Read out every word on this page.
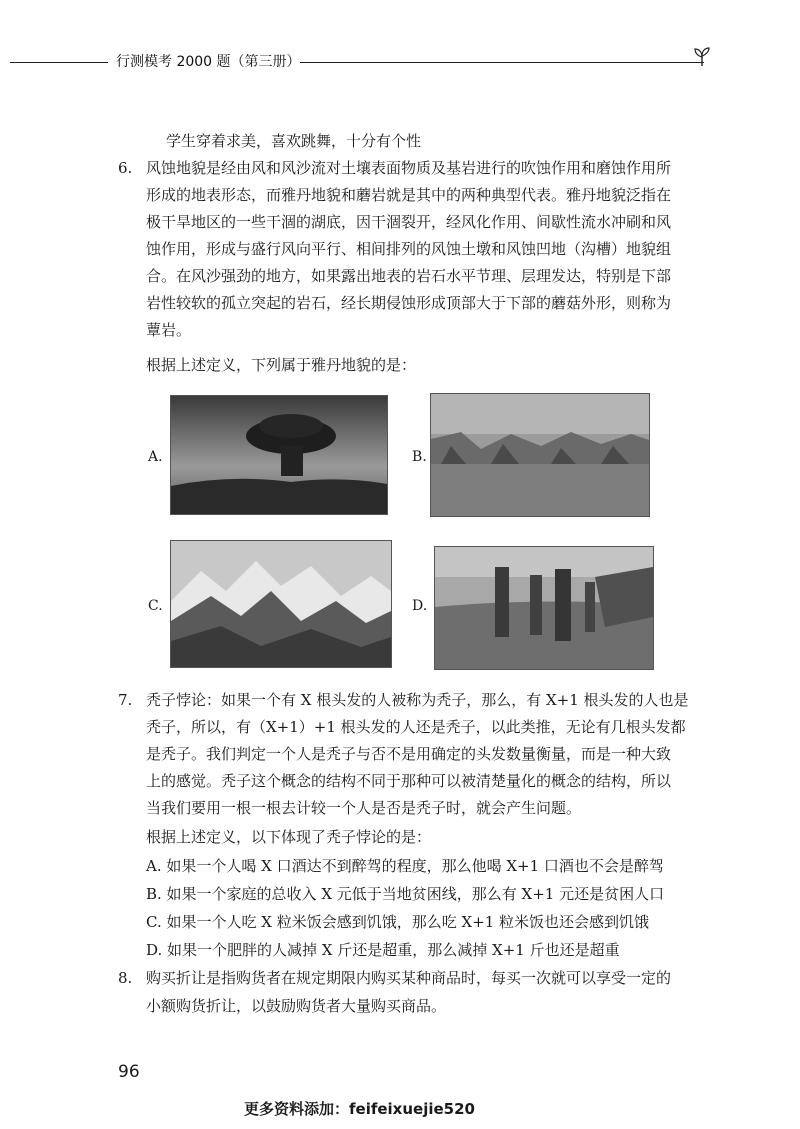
行测模考 2000 题（第三册）
学生穿着求美，喜欢跳舞，十分有个性
6. 风蚀地貌是经由风和风沙流对土壤表面物质及基岩进行的吹蚀作用和磨蚀作用所
形成的地表形态，而雅丹地貌和蘑岩就是其中的两种典型代表。雅丹地貌泛指在
极干旱地区的一些干涸的湖底，因干涸裂开，经风化作用、间歇性流水冲刷和风
蚀作用，形成与盛行风向平行、相间排列的风蚀土墩和风蚀凹地（沟槽）地貌组
合。在风沙强劲的地方，如果露出地表的岩石水平节理、层理发达，特别是下部
岩性较软的孤立突起的岩石，经长期侵蚀形成顶部大于下部的蘑菇外形，则称为
蕈岩。
根据上述定义，下列属于雅丹地貌的是：
A.	B.
C.	D.
7. 秃子悖论：如果一个有 X 根头发的人被称为秃子，那么，有 X+1 根头发的人也是
秃子，所以，有（X+1）+1 根头发的人还是秃子，以此类推，无论有几根头发都
是秃子。我们判定一个人是秃子与否不是用确定的头发数量衡量，而是一种大致
上的感觉。秃子这个概念的结构不同于那种可以被清楚量化的概念的结构，所以
当我们要用一根一根去计较一个人是否是秃子时，就会产生问题。
根据上述定义，以下体现了秃子悖论的是：
A. 如果一个人喝 X 口酒达不到醉驾的程度，那么他喝 X+1 口酒也不会是醉驾
B. 如果一个家庭的总收入 X 元低于当地贫困线，那么有 X+1 元还是贫困人口
C. 如果一个人吃 X 粒米饭会感到饥饿，那么吃 X+1 粒米饭也还会感到饥饿
D. 如果一个肥胖的人减掉 X 斤还是超重，那么减掉 X+1 斤也还是超重
8. 购买折让是指购货者在规定期限内购买某种商品时，每买一次就可以享受一定的
小额购货折让，以鼓励购货者大量购买商品。
96
更多资料添加：feifeixuejie520
